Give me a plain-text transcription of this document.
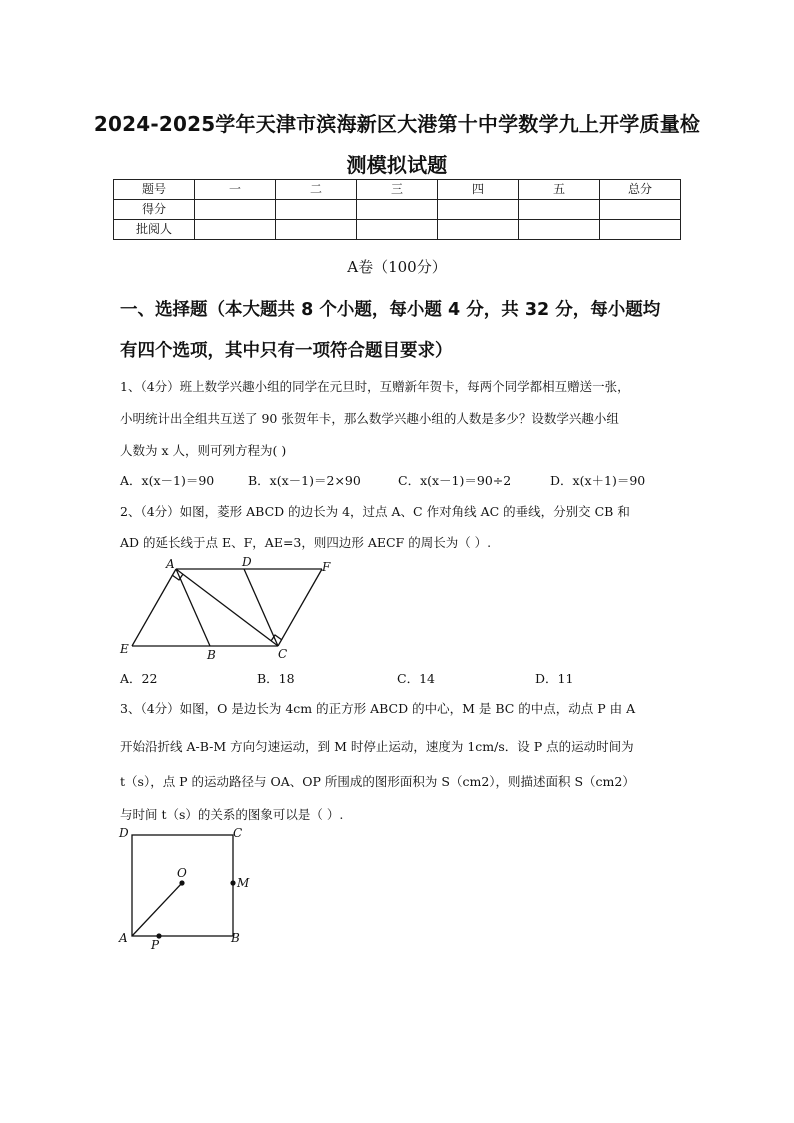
2024-2025学年天津市滨海新区大港第十中学数学九上开学质量检
测模拟试题
题号	一	二	三	四	五	总分
得分						
批阅人						
A卷（100分）
一、选择题（本大题共 8 个小题，每小题 4 分，共 32 分，每小题均
有四个选项，其中只有一项符合题目要求）
1、（4分）班上数学兴趣小组的同学在元旦时，互赠新年贺卡，每两个同学都相互赠送一张，
小明统计出全组共互送了 90 张贺年卡，那么数学兴趣小组的人数是多少？设数学兴趣小组
人数为 x 人，则可列方程为( )
A．x(x－1)＝90	B．x(x－1)＝2×90	C．x(x－1)＝90÷2	D．x(x＋1)＝90
2、（4分）如图，菱形 ABCD 的边长为 4，过点 A、C 作对角线 AC 的垂线，分别交 CB 和
AD 的延长线于点 E、F，AE=3，则四边形 AECF 的周长为（ ）.
A	D	F
E	B	C
A．22	B．18	C．14	D．11
3、（4分）如图，O 是边长为 4cm 的正方形 ABCD 的中心，M 是 BC 的中点，动点 P 由 A
开始沿折线 A-B-M 方向匀速运动，到 M 时停止运动，速度为 1cm/s．设 P 点的运动时间为
t（s），点 P 的运动路径与 OA、OP 所围成的图形面积为 S（cm2），则描述面积 S（cm2）
与时间 t（s）的关系的图象可以是（ ）.
D	C
O
M
A P	B
